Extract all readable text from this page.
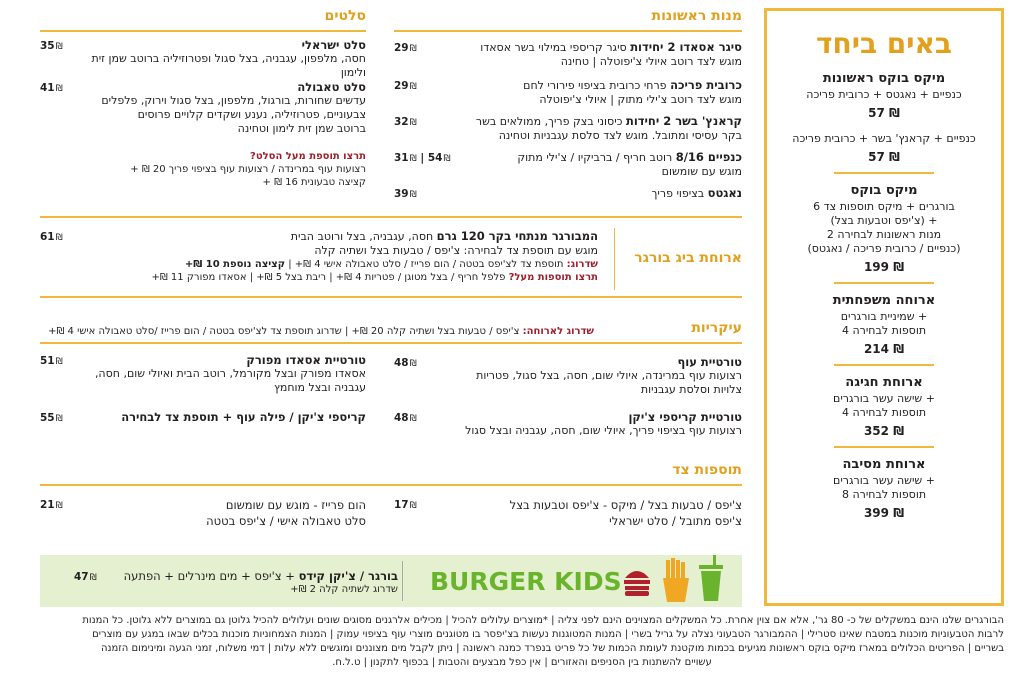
מנות ראשונות
סיגר אסאדו 2 יחידות סיגר קריספי במילוי בשר אסאדו
מוגש לצד רוטב איולי צ'יפוטלה | טחינה
29₪
כרובית פריכה פרחי כרובית בציפוי פירורי לחם
מוגש לצד רוטב צ'ילי מתוק | איולי צ'יפוטלה
29₪
קראנץ' בשר 2 יחידות כיסוני בצק פריך, ממולאים בשר
בקר עסיסי ומתובל. מוגש לצד סלסת עגבניות וטחינה
32₪
כנפיים 8/16 רוטב חריף / ברביקיו / צ'ילי מתוק
מוגש עם שומשום
31₪ | 54₪
נאגטס בציפוי פריך
39₪
סלטים
סלט ישראלי
חסה, מלפפון, עגבניה, בצל סגול ופטרוזיליה ברוטב שמן זית ולימון
35₪
סלט טאבולה
עדשים שחורות, בורגול, מלפפון, בצל סגול וירוק, פלפלים
צבעוניים, פטרוזיליה, נענע ושקדים קלויים פרוסים
ברוטב שמן זית לימון וטחינה
41₪
תרצו תוספת מעל הסלט?
רצועות עוף במרינדה / רצועות עוף בציפוי פריך 20 ₪ +
קציצה טבעונית 16 ₪ +
ארוחת ביג בורגר
המבורגר מנתחי בקר 120 גרם חסה, עגבניה, בצל ורוטב הבית
מוגש עם תוספת צד לבחירה: צ'יפס / טבעות בצל ושתיה קלה
שדרוג: תוספת צד לצ'יפס בטטה / הום פרייז / סלט טאבולה אישי 4 ₪+ | קציצה נוספת 10 ₪+
תרצו תוספות מעל? פלפל חריף / בצל מטוגן / פטריות 4 ₪+ | ריבת בצל 5 ₪+ | אסאדו מפורק 11 ₪+
61₪
עיקריות
שדרוג לארוחה: צ'יפס / טבעות בצל ושתיה קלה 20 ₪+ | שדרוג תוספת צד לצ'יפס בטטה / הום פרייז /סלט טאבולה אישי 4 ₪+
טורטיית עוף
רצועות עוף במרינדה, איולי שום, חסה, בצל סגול, פטריות
צלויות וסלסת עגבניות
48₪
טורטיית אסאדו מפורק
אסאדו מפורק ובצל מקורמל, רוטב הבית ואיולי שום, חסה,
עגבניה ובצל מוחמץ
51₪
טורטיית קריספי צ'יקן
רצועות עוף בציפוי פריך, איולי שום, חסה, עגבניה ובצל סגול
48₪
קריספי צ'יקן / פילה עוף + תוספת צד לבחירה
55₪
תוספות צד
צ'יפס / טבעות בצל / מיקס - צ'יפס וטבעות בצל
צ'יפס מתובל / סלט ישראלי
17₪
הום פרייז - מוגש עם שומשום
סלט טאבולה אישי / צ'יפס בטטה
21₪
BURGER KIDS
בורגר / צ'יקן קידס + צ'יפס + מים מינרלים + הפתעה
שדרוג לשתיה קלה 2 ₪+
47₪
באים ביחד
מיקס בוקס ראשונות
כנפיים + נאגטס + כרובית פריכה
57 ₪
כנפיים + קראנץ' בשר + כרובית פריכה
57 ₪
מיקס בוקס
6 בורגרים + מיקס תוספות צד
(צ'יפס וטבעות בצל) +
2 מנות ראשונות לבחירה
(כנפיים / כרובית פריכה / נאגטס)
199 ₪
ארוחה משפחתית
שמיניית בורגרים +
4 תוספות לבחירה
214 ₪
ארוחת חגיגה
שישה עשר בורגרים +
4 תוספות לבחירה
352 ₪
ארוחת מסיבה
שישה עשר בורגרים +
8 תוספות לבחירה
399 ₪
הבורגרים שלנו הינם במשקלים של כ- 80 גר', אלא אם צוין אחרת. כל המשקלים המצוינים הינם לפני צליה | *מוצרים עלולים להכיל | מכילים אלרגנים מסוגים שונים ועלולים להכיל גלוטן גם במוצרים ללא גלוטן. כל המנות
לרבות הטבעוניות מוכנות במטבח שאינו סטרילי | ההמבורגר הטבעוני נצלה על גריל בשרי | המנות המטוגנות נעשות בצ'יפסר בו מטוגנים מוצרי עוף בציפוי עמוק | המנות הצמחוניות מוכנות בכלים שבאו במגע עם מוצרים
בשריים | הפריטים הכלולים במארז מיקס בוקס ראשונות מגיעים בכמות מוקטנת לעומת הכמות של כל פריט בנפרד כמנה ראשונה | ניתן לקבל מים מצוננים ומוגשים ללא עלות | דמי משלוח, זמני הגעה ומינימום הזמנה
עשויים להשתנות בין הסניפים והאזורים | אין כפל מבצעים והטבות | בכפוף לתקנון | ט.ל.ח.
